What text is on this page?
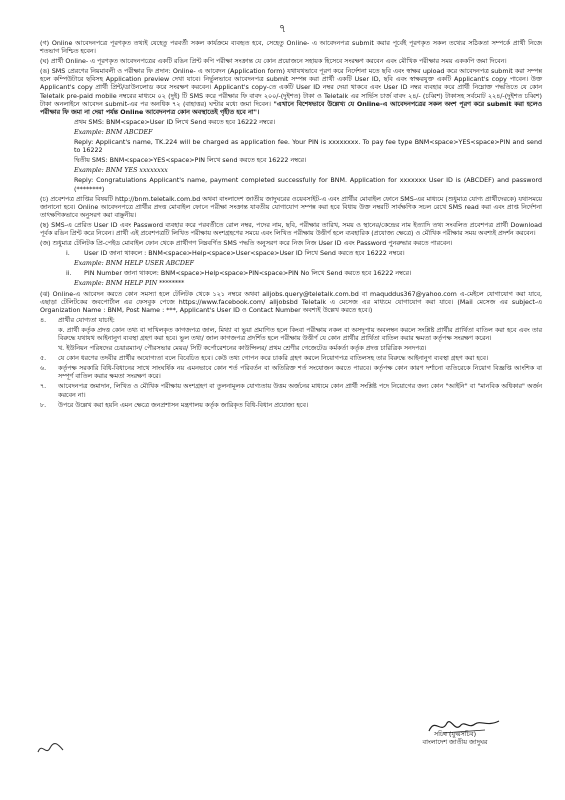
৭

(গ) Online আবেদনপত্রে পূরণকৃত তথ্যই যেহেতু পরবর্তী সকল কার্যক্রমে ব্যবহৃত হবে, সেহেতু Online- এ আবেদনপত্র submit করার পূর্বেই পূরণকৃত সকল তথ্যের সঠিকতা সম্পর্কে প্রার্থী নিজে শতভাগ নিশ্চিত হবেন।

(ঘ) প্রার্থী Online- এ পূরণকৃত আবেদনপত্রের একটি রঙিন প্রিন্ট কপি পরীক্ষা সংক্রান্ত যে কোন প্রয়োজনে সহায়ক হিসেবে সংরক্ষণ করবেন এবং মৌখিক পরীক্ষার সময় এককপি জমা দিবেন।

(ঙ) SMS প্রেরণের নিয়মাবলী ও পরীক্ষার ফি প্রদান: Online- এ আবেদন (Application form) যথাযথভাবে পূরণ করে নির্দেশনা মতে ছবি এবং স্বাক্ষর upload করে আবেদনপত্র submit করা সম্পন্ন হলে কম্পিউটারে ছবিসহ Application preview দেখা যাবে। নির্ভুলভাবে আবেদনপত্র submit সম্পন্ন করা প্রার্থী একটি User ID, ছবি এবং স্বাক্ষরযুক্ত একটি Applicant's copy পাবেন। উক্ত Applicant's copy প্রার্থী প্রিন্ট/ডাউনলোড করে সংরক্ষণ করবেন। Applicant's copy-তে একটি User ID নম্বর দেয়া থাকবে এবং User ID নম্বর ব্যবহার করে প্রার্থী নিম্নোক্ত পদ্ধতিতে যে কোন Teletalk pre-paid mobile নম্বরের মাধ্যমে ০২ (দুই) টি SMS করে পরীক্ষার ফি বাবদ ২০০/-(দুইশত) টাকা ও Teletalk এর সার্ভিস চার্জ বাবদ ২৪/- (চব্বিশ) টাকাসহ সর্বমোট ২২৪/-(দুইশত চব্বিশ) টাকা অনলাইনে আবেদন submit-এর পর অনধিক ৭২ (বাহাত্তর) ঘণ্টার মধ্যে জমা দিবেন। "এখানে বিশেষভাবে উল্লেখ্য যে Online-এ আবেদনপত্রের সকল অংশ পূরণ করে submit করা হলেও পরীক্ষার ফি জমা না দেয়া পর্যন্ত Online আবেদনপত্র কোন অবস্থাতেই গৃহীত হবে না"।

প্রথম SMS: BNM<space>User ID লিখে Send করতে হবে 16222 নম্বরে।

Example: BNM ABCDEF

Reply: Applicant's name, TK.224 will be charged as application fee. Your PIN is xxxxxxxx. To pay fee type BNM<space>YES<space>PIN and send to 16222

দ্বিতীয় SMS: BNM<space>YES<space>PIN লিখে send করতে হবে 16222 নম্বরে।

Example: BNM YES xxxxxxxx

Reply: Congratulations Applicant's name, payment completed successfully for BNM. Application for xxxxxxx User ID is (ABCDEF) and password (********)

(চ) প্রবেশপত্র প্রাপ্তির বিষয়টি http://bnm.teletalk.com.bd অথবা বাংলাদেশ জাতীয় জাদুঘরের ওয়েবসাইট-এ এবং প্রার্থীর মোবাইল ফোনে SMS-এর মাধ্যমে (শুধুমাত্র যোগ্য প্রার্থীদেরকে) যথাসময়ে জানানো হবে। Online আবেদনপত্রে প্রার্থীর প্রদত্ত মোবাইল ফোনে পরীক্ষা সংক্রান্ত যাবতীয় যোগাযোগ সম্পন্ন করা হবে বিধায় উক্ত নম্বরটি সার্বক্ষণিক সচল রেখে SMS read করা এবং প্রাপ্ত নির্দেশনা তাৎক্ষণিকভাবে অনুসরণ করা বাঞ্ছনীয়।

(ছ) SMS-এ প্রেরিত User ID এবং Password ব্যবহার করে পরবর্তীতে রোল নম্বর, পদের নাম, ছবি, পরীক্ষার তারিখ, সময় ও স্থানের/কেন্দ্রের নাম ইত্যাদি তথ্য সংবলিত প্রবেশপত্র প্রার্থী Download পূর্বক রঙিন প্রিন্ট করে নিবেন। প্রার্থী এই প্রবেশপত্রটি লিখিত পরীক্ষায় অংশগ্রহণের সময়ে এবং লিখিত পরীক্ষায় উত্তীর্ণ হলে ব্যবহারিক (প্রযোজ্য ক্ষেত্রে) ও মৌখিক পরীক্ষার সময় অবশ্যই প্রদর্শন করবেন।

(জ) শুধুমাত্র টেলিটক প্রি-পেইড মোবাইল ফোন থেকে প্রার্থীগণ নিম্নবর্ণিত SMS পদ্ধতি অনুসরণ করে নিজ নিজ User ID এবং Password পুনরুদ্ধার করতে পারবেন।

i.	User ID জানা থাকলে : BNM<space>Help<space>User<space>User ID লিখে Send করতে হবে 16222 নম্বরে।

Example: BNM HELP USER ABCDEF

ii.	PIN Number জানা থাকলে: BNM<space>Help<space>PIN<space>PIN No লিখে Send করতে হবে 16222 নম্বরে।

Example: BNM HELP PIN ********

(ঝ) Online-এ আবেদন করতে কোন সমস্যা হলে টেলিটক থেকে ১২১ নম্বরে অথবা alljobs.query@teletalk.com.bd বা maquddus367@yahoo.com এ-মেইলে যোগাযোগ করা যাবে, এছাড়া টেলিটকের জবপোর্টাল এর ফেসবুক পেজে https://www.facebook.com/ alljobsbd Teletalk এ মেসেজ এর মাধ্যমে যোগাযোগ করা যাবে। (Mail মেসেজ এর subject-এ Organization Name : BNM, Post Name : ***, Applicant's User ID ও Contact Number অবশ্যই উল্লেখ করতে হবে।)

৪.	প্রার্থীর যোগ্যতা যাচাই:

ক. প্রার্থী কর্তৃক প্রদত্ত কোন তথ্য বা দাখিলকৃত কাগজপত্র জাল, মিথ্যা বা ভুয়া প্রমাণিত হলে কিংবা পরীক্ষায় নকল বা অসদুপায় অবলম্বন করলে সংশ্লিষ্ট প্রার্থীর প্রার্থিতা বাতিল করা হবে এবং তার বিরুদ্ধে যথাযথ আইনানুগ ব্যবস্থা গ্রহণ করা হবে। ভুল তথ্য/ জাল কাগজপত্র প্রদর্শিত হলে পরীক্ষায় উত্তীর্ণ যে কোন প্রার্থীর প্রার্থিতা বাতিল করার ক্ষমতা কর্তৃপক্ষ সংরক্ষণ করেন।

খ. ইউনিয়ন পরিষদের চেয়ারম্যান/ পৌরসভার মেয়র/ সিটি কর্পোরেশনের কাউন্সিলর/ প্রথম শ্রেণীর গেজেটেড কর্মকর্তা কর্তৃক প্রদত্ত চারিত্রিক সনদপত্র।

৫.	যে কোন ধরণের তদবীর প্রার্থীর অযোগ্যতা বলে বিবেচিত হবে। কেউ তথ্য গোপন করে চাকরি গ্রহণ করলে নিয়োগপত্র বাতিলসহ তার বিরুদ্ধে আইনানুগ ব্যবস্থা গ্রহণ করা হবে।
৬.	কর্তৃপক্ষ সরকারি বিধি-বিধানের সাথে সাংঘর্ষিক নয় এমনভাবে কোন শর্ত পরিবর্তন বা অতিরিক্ত শর্ত সংযোজন করতে পারবে। কর্তৃপক্ষ কোন কারণ দর্শানো ব্যতিরেকে নিয়োগ বিজ্ঞপ্তি আংশিক বা সম্পূর্ণ বাতিল করার ক্ষমতা সংরক্ষণ করে।
৭.	আবেদনপত্র জমাদান, লিখিত ও মৌখিক পরীক্ষায় অংশগ্রহণ বা তুলনামূলক যোগ্যতায় উত্তম অর্জনের মাধ্যমে কোন প্রার্থী সংশ্লিষ্ট পদে নিয়োগের জন্য কোন "আইনি" বা "মানবিক অধিকার" অর্জন করবেন না।
৮.	উপরে উল্লেখ করা হয়নি এমন ক্ষেত্রে জনপ্রশাসন মন্ত্রণালয় কর্তৃক জারিকৃত বিধি-বিধান প্রযোজ্য হবে।
সচিব (যুগ্মসচিব)
বাংলাদেশ জাতীয় জাদুঘর
